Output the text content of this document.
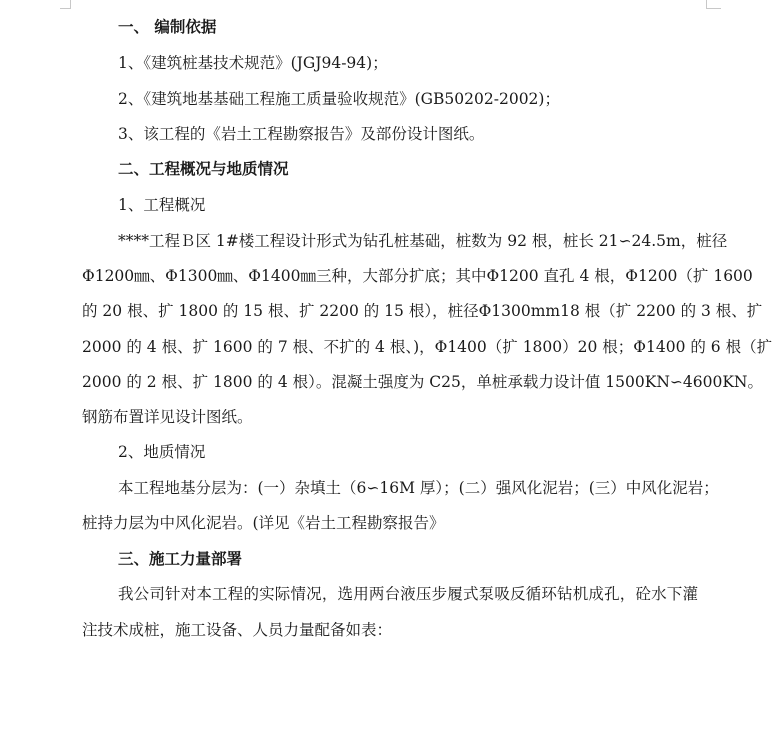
一、 编制依据
1、《建筑桩基技术规范》(JGJ94-94)；
2、《建筑地基基础工程施工质量验收规范》(GB50202-2002)；
3、该工程的《岩土工程勘察报告》及部份设计图纸。
二、工程概况与地质情况
1、工程概况
****工程Ｂ区 1#楼工程设计形式为钻孔桩基础，桩数为 92 根，桩长 21∽24.5m，桩径
Φ1200㎜、Φ1300㎜、Φ1400㎜三种，大部分扩底；其中Φ1200 直孔 4 根，Φ1200（扩 1600
的 20 根、扩 1800 的 15 根、扩 2200 的 15 根），桩径Φ1300mm18 根（扩 2200 的 3 根、扩
2000 的 4 根、扩 1600 的 7 根、不扩的 4 根、)，Φ1400（扩 1800）20 根；Φ1400 的 6 根（扩
2000 的 2 根、扩 1800 的 4 根）。混凝土强度为 C25，单桩承载力设计值 1500KN∽4600KN。
钢筋布置详见设计图纸。
2、地质情况
本工程地基分层为：(一）杂填土（6∽16M 厚）；(二）强风化泥岩；(三）中风化泥岩；
桩持力层为中风化泥岩。(详见《岩土工程勘察报告》
三、施工力量部署
我公司针对本工程的实际情况，选用两台液压步履式泵吸反循环钻机成孔，砼水下灌
注技术成桩，施工设备、人员力量配备如表：
